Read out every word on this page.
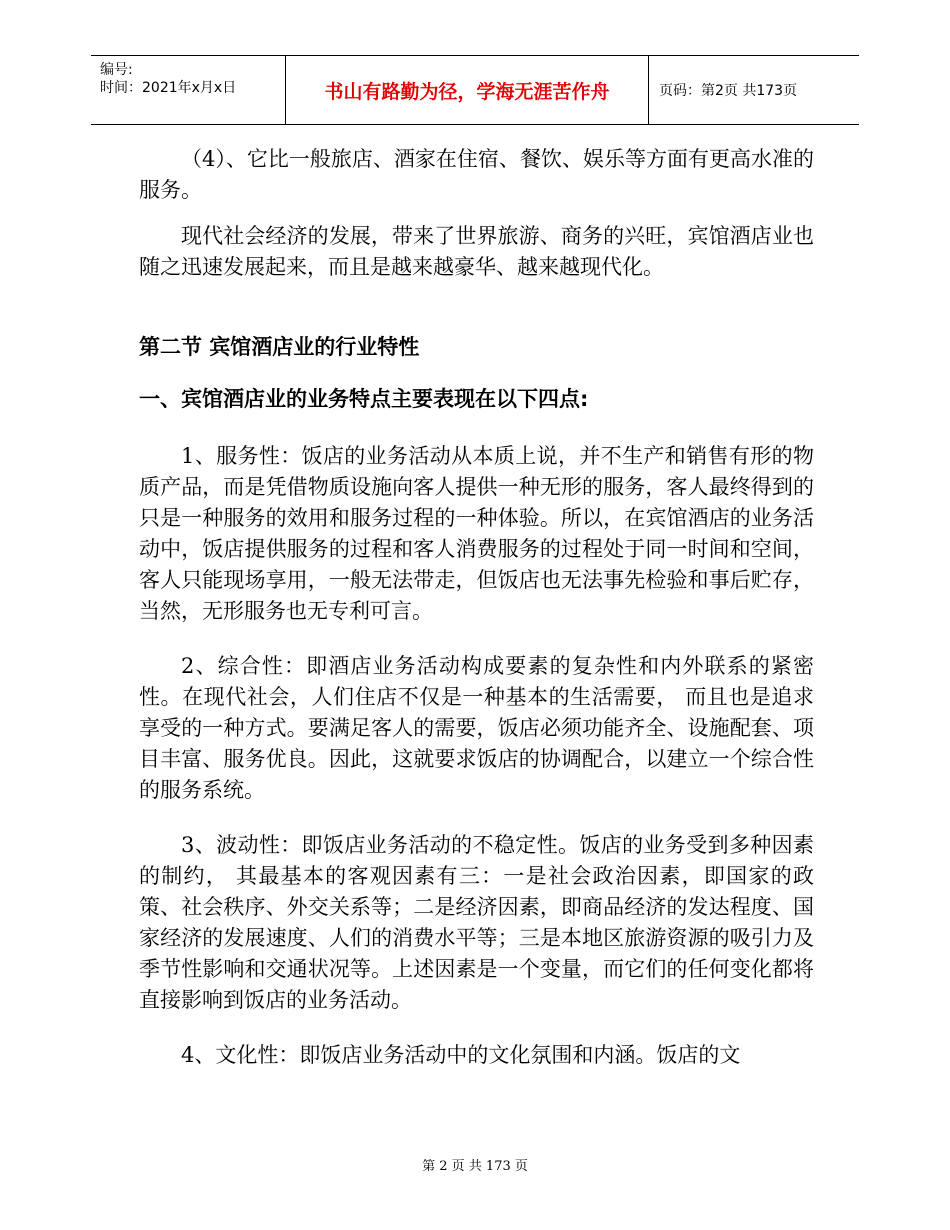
编号:
时间：2021年x月x日	书山有路勤为径，学海无涯苦作舟	页码：第2页 共173页

（4）、它比一般旅店、酒家在住宿、餐饮、娱乐等方面有更高水准的服务。

现代社会经济的发展，带来了世界旅游、商务的兴旺，宾馆酒店业也随之迅速发展起来，而且是越来越豪华、越来越现代化。

第二节 宾馆酒店业的行业特性
一、宾馆酒店业的业务特点主要表现在以下四点:

1、服务性：饭店的业务活动从本质上说，并不生产和销售有形的物质产品，而是凭借物质设施向客人提供一种无形的服务，客人最终得到的只是一种服务的效用和服务过程的一种体验。所以，在宾馆酒店的业务活动中，饭店提供服务的过程和客人消费服务的过程处于同一时间和空间，客人只能现场享用，一般无法带走，但饭店也无法事先检验和事后贮存，当然，无形服务也无专利可言。

2、综合性：即酒店业务活动构成要素的复杂性和内外联系的紧密性。在现代社会，人们住店不仅是一种基本的生活需要， 而且也是追求享受的一种方式。要满足客人的需要，饭店必须功能齐全、设施配套、项目丰富、服务优良。因此，这就要求饭店的协调配合，以建立一个综合性的服务系统。

3、波动性：即饭店业务活动的不稳定性。饭店的业务受到多种因素的制约， 其最基本的客观因素有三：一是社会政治因素，即国家的政策、社会秩序、外交关系等；二是经济因素，即商品经济的发达程度、国家经济的发展速度、人们的消费水平等；三是本地区旅游资源的吸引力及季节性影响和交通状况等。上述因素是一个变量，而它们的任何变化都将直接影响到饭店的业务活动。

4、文化性：即饭店业务活动中的文化氛围和内涵。饭店的文

第 2 页 共 173 页
